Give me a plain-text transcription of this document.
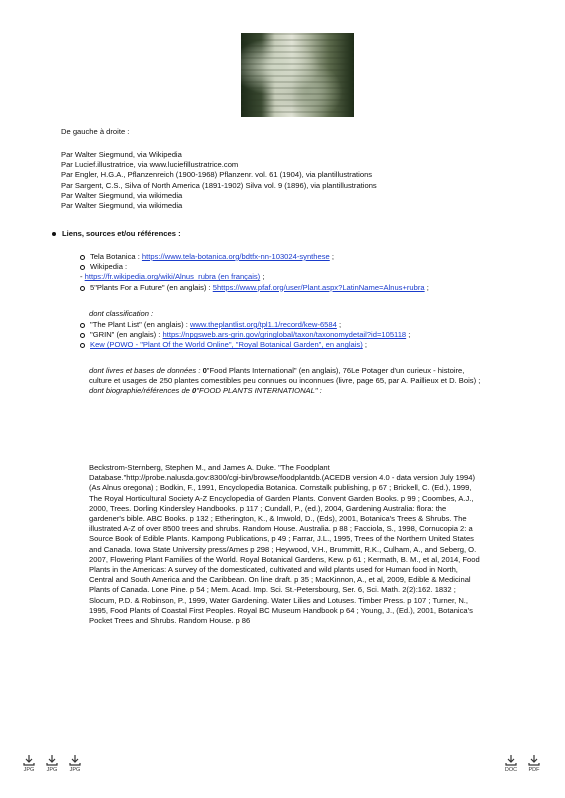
De gauche à droite :
Par Walter Siegmund, via Wikipedia
Par Lucief.illustratrice, via www.luciefillustratrice.com
Par Engler, H.G.A., Pflanzenreich (1900-1968) Pflanzenr. vol. 61 (1904), via plantillustrations
Par Sargent, C.S., Silva of North America (1891-1902) Silva vol. 9 (1896), via plantillustrations
Par Walter Siegmund, via wikimedia
Par Walter Siegmund, via wikimedia
Liens, sources et/ou références :
Tela Botanica : https://www.tela-botanica.org/bdtfx-nn-103024-synthese ;
Wikipedia :
- https://fr.wikipedia.org/wiki/Alnus_rubra (en français) ;
5"Plants For a Future" (en anglais) : 5https://www.pfaf.org/user/Plant.aspx?LatinName=Alnus+rubra ;
dont classification :
"The Plant List" (en anglais) : www.theplantlist.org/tpl1.1/record/kew-6584 ;
"GRIN" (en anglais) : https://npgsweb.ars-grin.gov/gringlobal/taxon/taxonomydetail?id=105118 ;
Kew (POWO - "Plant Of the World Online", "Royal Botanical Garden", en anglais) ;
dont livres et bases de données : 0"Food Plants International" (en anglais), 76Le Potager d'un curieux - histoire,
culture et usages de 250 plantes comestibles peu connues ou inconnues (livre, page 65, par A. Paillieux et D. Bois) ;
dont biographie/références de 0"FOOD PLANTS INTERNATIONAL" :
Beckstrom-Sternberg, Stephen M., and James A. Duke. "The Foodplant
Database."http://probe.nalusda.gov:8300/cgi-bin/browse/foodplantdb.(ACEDB version 4.0 - data version July 1994)
(As Alnus oregona) ; Bodkin, F., 1991, Encyclopedia Botanica. Cornstalk publishing, p 67 ; Brickell, C. (Ed.), 1999,
The Royal Horticultural Society A-Z Encyclopedia of Garden Plants. Convent Garden Books. p 99 ; Coombes, A.J.,
2000, Trees. Dorling Kindersley Handbooks. p 117 ; Cundall, P., (ed.), 2004, Gardening Australia: flora: the
gardener's bible. ABC Books. p 132 ; Etherington, K., & Imwold, D., (Eds), 2001, Botanica's Trees & Shrubs. The
illustrated A-Z of over 8500 trees and shrubs. Random House. Australia. p 88 ; Facciola, S., 1998, Cornucopia 2: a
Source Book of Edible Plants. Kampong Publications, p 49 ; Farrar, J.L., 1995, Trees of the Northern United States
and Canada. Iowa State University press/Ames p 298 ; Heywood, V.H., Brummitt, R.K., Culham, A., and Seberg, O.
2007, Flowering Plant Families of the World. Royal Botanical Gardens, Kew. p 61 ; Kermath, B. M., et al, 2014, Food
Plants in the Americas: A survey of the domesticated, cultivated and wild plants used for Human food in North,
Central and South America and the Caribbean. On line draft. p 35 ; MacKinnon, A., et al, 2009, Edible & Medicinal
Plants of Canada. Lone Pine. p 54 ; Mem. Acad. Imp. Sci. St.-Petersbourg, Ser. 6, Sci. Math. 2(2):162. 1832 ;
Slocum, P.D. & Robinson, P., 1999, Water Gardening. Water Lilies and Lotuses. Timber Press. p 107 ; Turner, N.,
1995, Food Plants of Coastal First Peoples. Royal BC Museum Handbook p 64 ; Young, J., (Ed.), 2001, Botanica's
Pocket Trees and Shrubs. Random House. p 86
JPG	JPG	JPG	DOC	PDF
